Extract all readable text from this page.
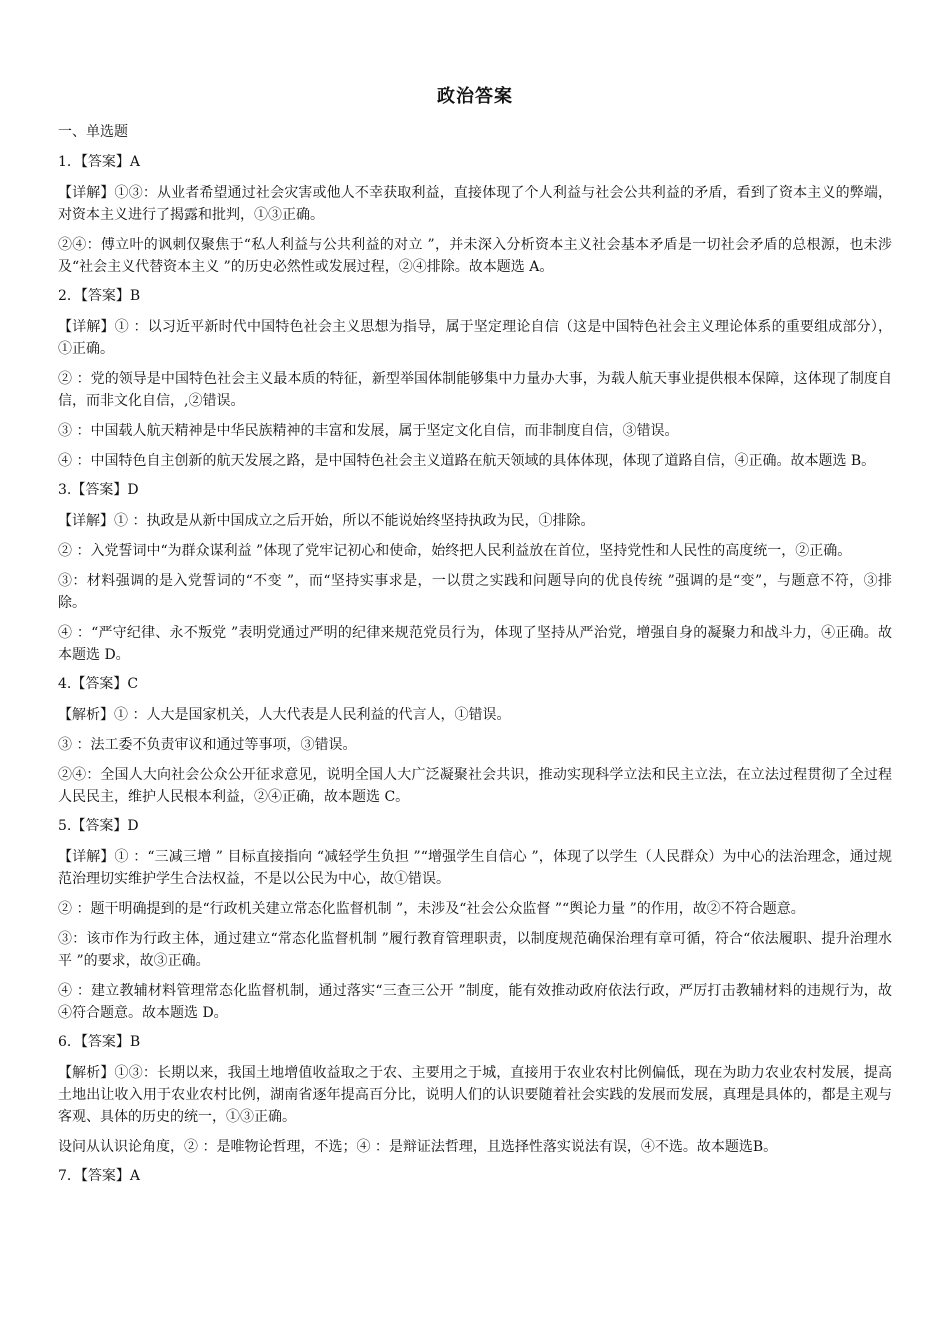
政治答案
一、单选题
1．【答案】A

【详解】①③：从业者希望通过社会灾害或他人不幸获取利益，直接体现了个人利益与社会公共利益的矛盾，看到了资本主义的弊端，对资本主义进行了揭露和批判，①③正确。

②④：傅立叶的讽刺仅聚焦于“私人利益与公共利益的对立 ”，并未深入分析资本主义社会基本矛盾是一切社会矛盾的总根源，也未涉及“社会主义代替资本主义 ”的历史必然性或发展过程，②④排除。故本题选 A。

2．【答案】B

【详解】① ：以习近平新时代中国特色社会主义思想为指导，属于坚定理论自信（这是中国特色社会主义理论体系的重要组成部分），①正确。

② ：党的领导是中国特色社会主义最本质的特征，新型举国体制能够集中力量办大事，为载人航天事业提供根本保障，这体现了制度自信，而非文化自信，,②错误。

③ ：中国载人航天精神是中华民族精神的丰富和发展，属于坚定文化自信，而非制度自信，③错误。

④ ：中国特色自主创新的航天发展之路，是中国特色社会主义道路在航天领域的具体体现，体现了道路自信，④正确。故本题选 B。

3.【答案】D

【详解】① ：执政是从新中国成立之后开始，所以不能说始终坚持执政为民，①排除。

② ：入党誓词中“为群众谋利益 ”体现了党牢记初心和使命，始终把人民利益放在首位，坚持党性和人民性的高度统一，②正确。

③：材料强调的是入党誓词的“不变 ”，而“坚持实事求是，一以贯之实践和问题导向的优良传统 ”强调的是“变”，与题意不符，③排除。

④ ：“严守纪律、永不叛党 ”表明党通过严明的纪律来规范党员行为，体现了坚持从严治党，增强自身的凝聚力和战斗力，④正确。故本题选 D。

4.【答案】C

【解析】① ：人大是国家机关，人大代表是人民利益的代言人，①错误。

③ ：法工委不负责审议和通过等事项，③错误。

②④：全国人大向社会公众公开征求意见，说明全国人大广泛凝聚社会共识，推动实现科学立法和民主立法，在立法过程贯彻了全过程人民民主，维护人民根本利益，②④正确，故本题选 C。

5.【答案】D

【详解】① ：“三减三增 ” 目标直接指向 “减轻学生负担 ”“增强学生自信心 ”，体现了以学生（人民群众）为中心的法治理念，通过规范治理切实维护学生合法权益，不是以公民为中心，故①错误。

② ：题干明确提到的是“行政机关建立常态化监督机制 ”，未涉及“社会公众监督 ”“舆论力量 ”的作用，故②不符合题意。

③：该市作为行政主体，通过建立“常态化监督机制 ”履行教育管理职责，以制度规范确保治理有章可循，符合“依法履职、提升治理水平 ”的要求，故③正确。

④ ：建立教辅材料管理常态化监督机制，通过落实“三查三公开 ”制度，能有效推动政府依法行政，严厉打击教辅材料的违规行为，故④符合题意。故本题选 D。

6．【答案】B

【解析】①③：长期以来，我国土地增值收益取之于农、主要用之于城，直接用于农业农村比例偏低，现在为助力农业农村发展，提高土地出让收入用于农业农村比例，湖南省逐年提高百分比，说明人们的认识要随着社会实践的发展而发展，真理是具体的，都是主观与客观、具体的历史的统一，①③正确。

设问从认识论角度，② ：是唯物论哲理，不选；④ ：是辩证法哲理，且选择性落实说法有误，④不选。故本题选B。

7．【答案】A
